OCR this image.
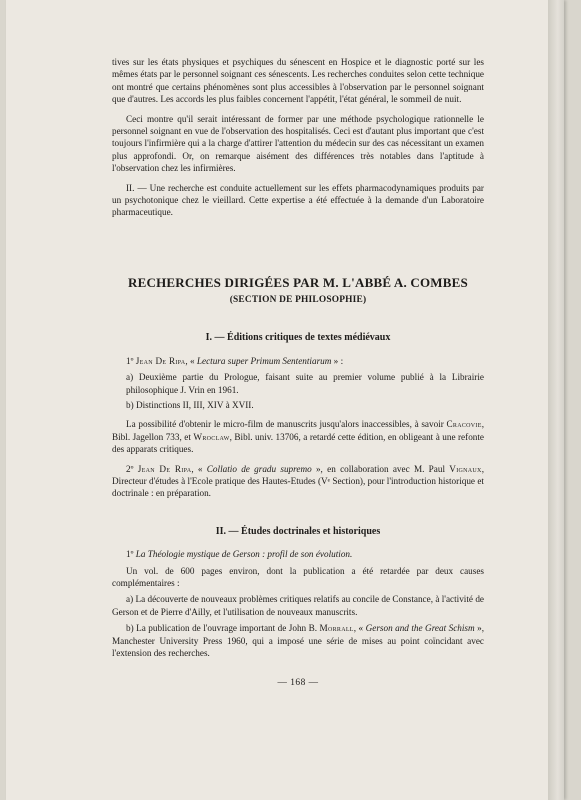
tives sur les états physiques et psychiques du sénescent en Hospice et le diagnostic porté sur les mêmes états par le personnel soignant ces sénescents. Les recherches conduites selon cette technique ont montré que certains phénomènes sont plus accessibles à l'observation par le personnel soignant que d'autres. Les accords les plus faibles concernent l'appétit, l'état général, le sommeil de nuit.

Ceci montre qu'il serait intéressant de former par une méthode psychologique rationnelle le personnel soignant en vue de l'observation des hospitalisés. Ceci est d'autant plus important que c'est toujours l'infirmière qui a la charge d'attirer l'attention du médecin sur des cas nécessitant un examen plus approfondi. Or, on remarque aisément des différences très notables dans l'aptitude à l'observation chez les infirmières.

II. — Une recherche est conduite actuellement sur les effets pharmacodynamiques produits par un psychotonique chez le vieillard. Cette expertise a été effectuée à la demande d'un Laboratoire pharmaceutique.

RECHERCHES DIRIGÉES PAR M. L'ABBÉ A. COMBES
(SECTION DE PHILOSOPHIE)
I. — Éditions critiques de textes médiévaux

1º Jean De Ripa, « Lectura super Primum Sententiarum » :

a) Deuxième partie du Prologue, faisant suite au premier volume publié à la Librairie philosophique J. Vrin en 1961.

b) Distinctions II, III, XIV à XVII.

La possibilité d'obtenir le micro-film de manuscrits jusqu'alors inaccessibles, à savoir Cracovie, Bibl. Jagellon 733, et Wroclaw, Bibl. univ. 13706, a retardé cette édition, en obligeant à une refonte des apparats critiques.

2º Jean De Ripa, « Collatio de gradu supremo », en collaboration avec M. Paul Vignaux, Directeur d'études à l'Ecole pratique des Hautes-Etudes (Vᵉ Section), pour l'introduction historique et doctrinale : en préparation.

II. — Études doctrinales et historiques

1º La Théologie mystique de Gerson : profil de son évolution.

Un vol. de 600 pages environ, dont la publication a été retardée par deux causes complémentaires :

a) La découverte de nouveaux problèmes critiques relatifs au concile de Constance, à l'activité de Gerson et de Pierre d'Ailly, et l'utilisation de nouveaux manuscrits.

b) La publication de l'ouvrage important de John B. Morrall, « Gerson and the Great Schism », Manchester University Press 1960, qui a imposé une série de mises au point coïncidant avec l'extension des recherches.

— 168 —
